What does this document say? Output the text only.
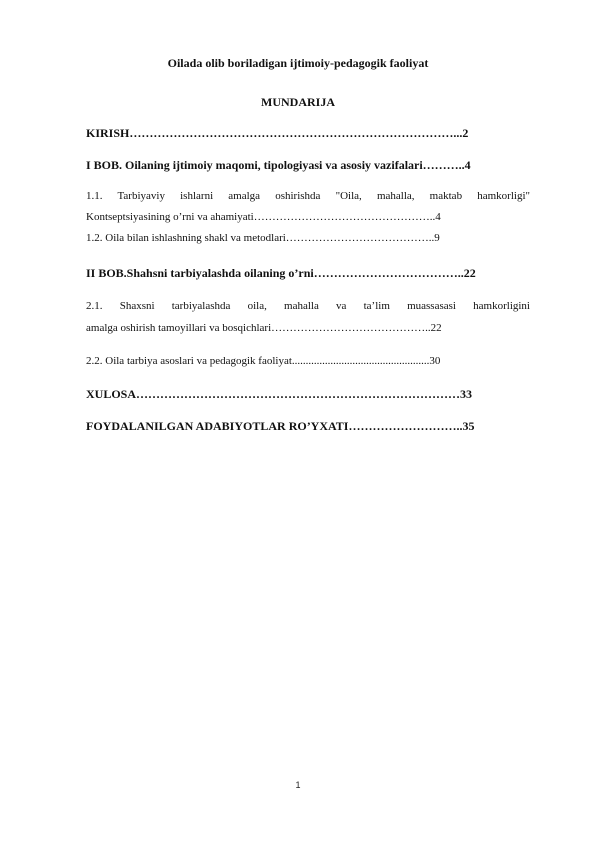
Oilada olib boriladigan ijtimoiy-pedagogik faoliyat
MUNDARIJA
KIRISH………………………………………………………………………...2
I BOB. Oilaning ijtimoiy maqomi, tipologiyasi va asosiy vazifalari………..4
1.1. Tarbiyaviy ishlarni amalga oshirishda "Oila, mahalla, maktab hamkorligi"
Kontseptsiyasining o’rni va ahamiyati…………………………………………..4
1.2. Oila bilan ishlashning shakl va metodlari…………………………………..9
II BOB.Shahsni tarbiyalashda oilaning o’rni………………………………..22
2.1. Shaxsni tarbiyalashda oila, mahalla va ta’lim muassasasi hamkorligini
amalga oshirish tamoyillari va bosqichlari……………………………………..22
2.2. Oila tarbiya asoslari va pedagogik faoliyat..................................................30
XULOSA………………………………………………………………………33
FOYDALANILGAN ADABIYOTLAR RO’YXATI………………………..35
1
